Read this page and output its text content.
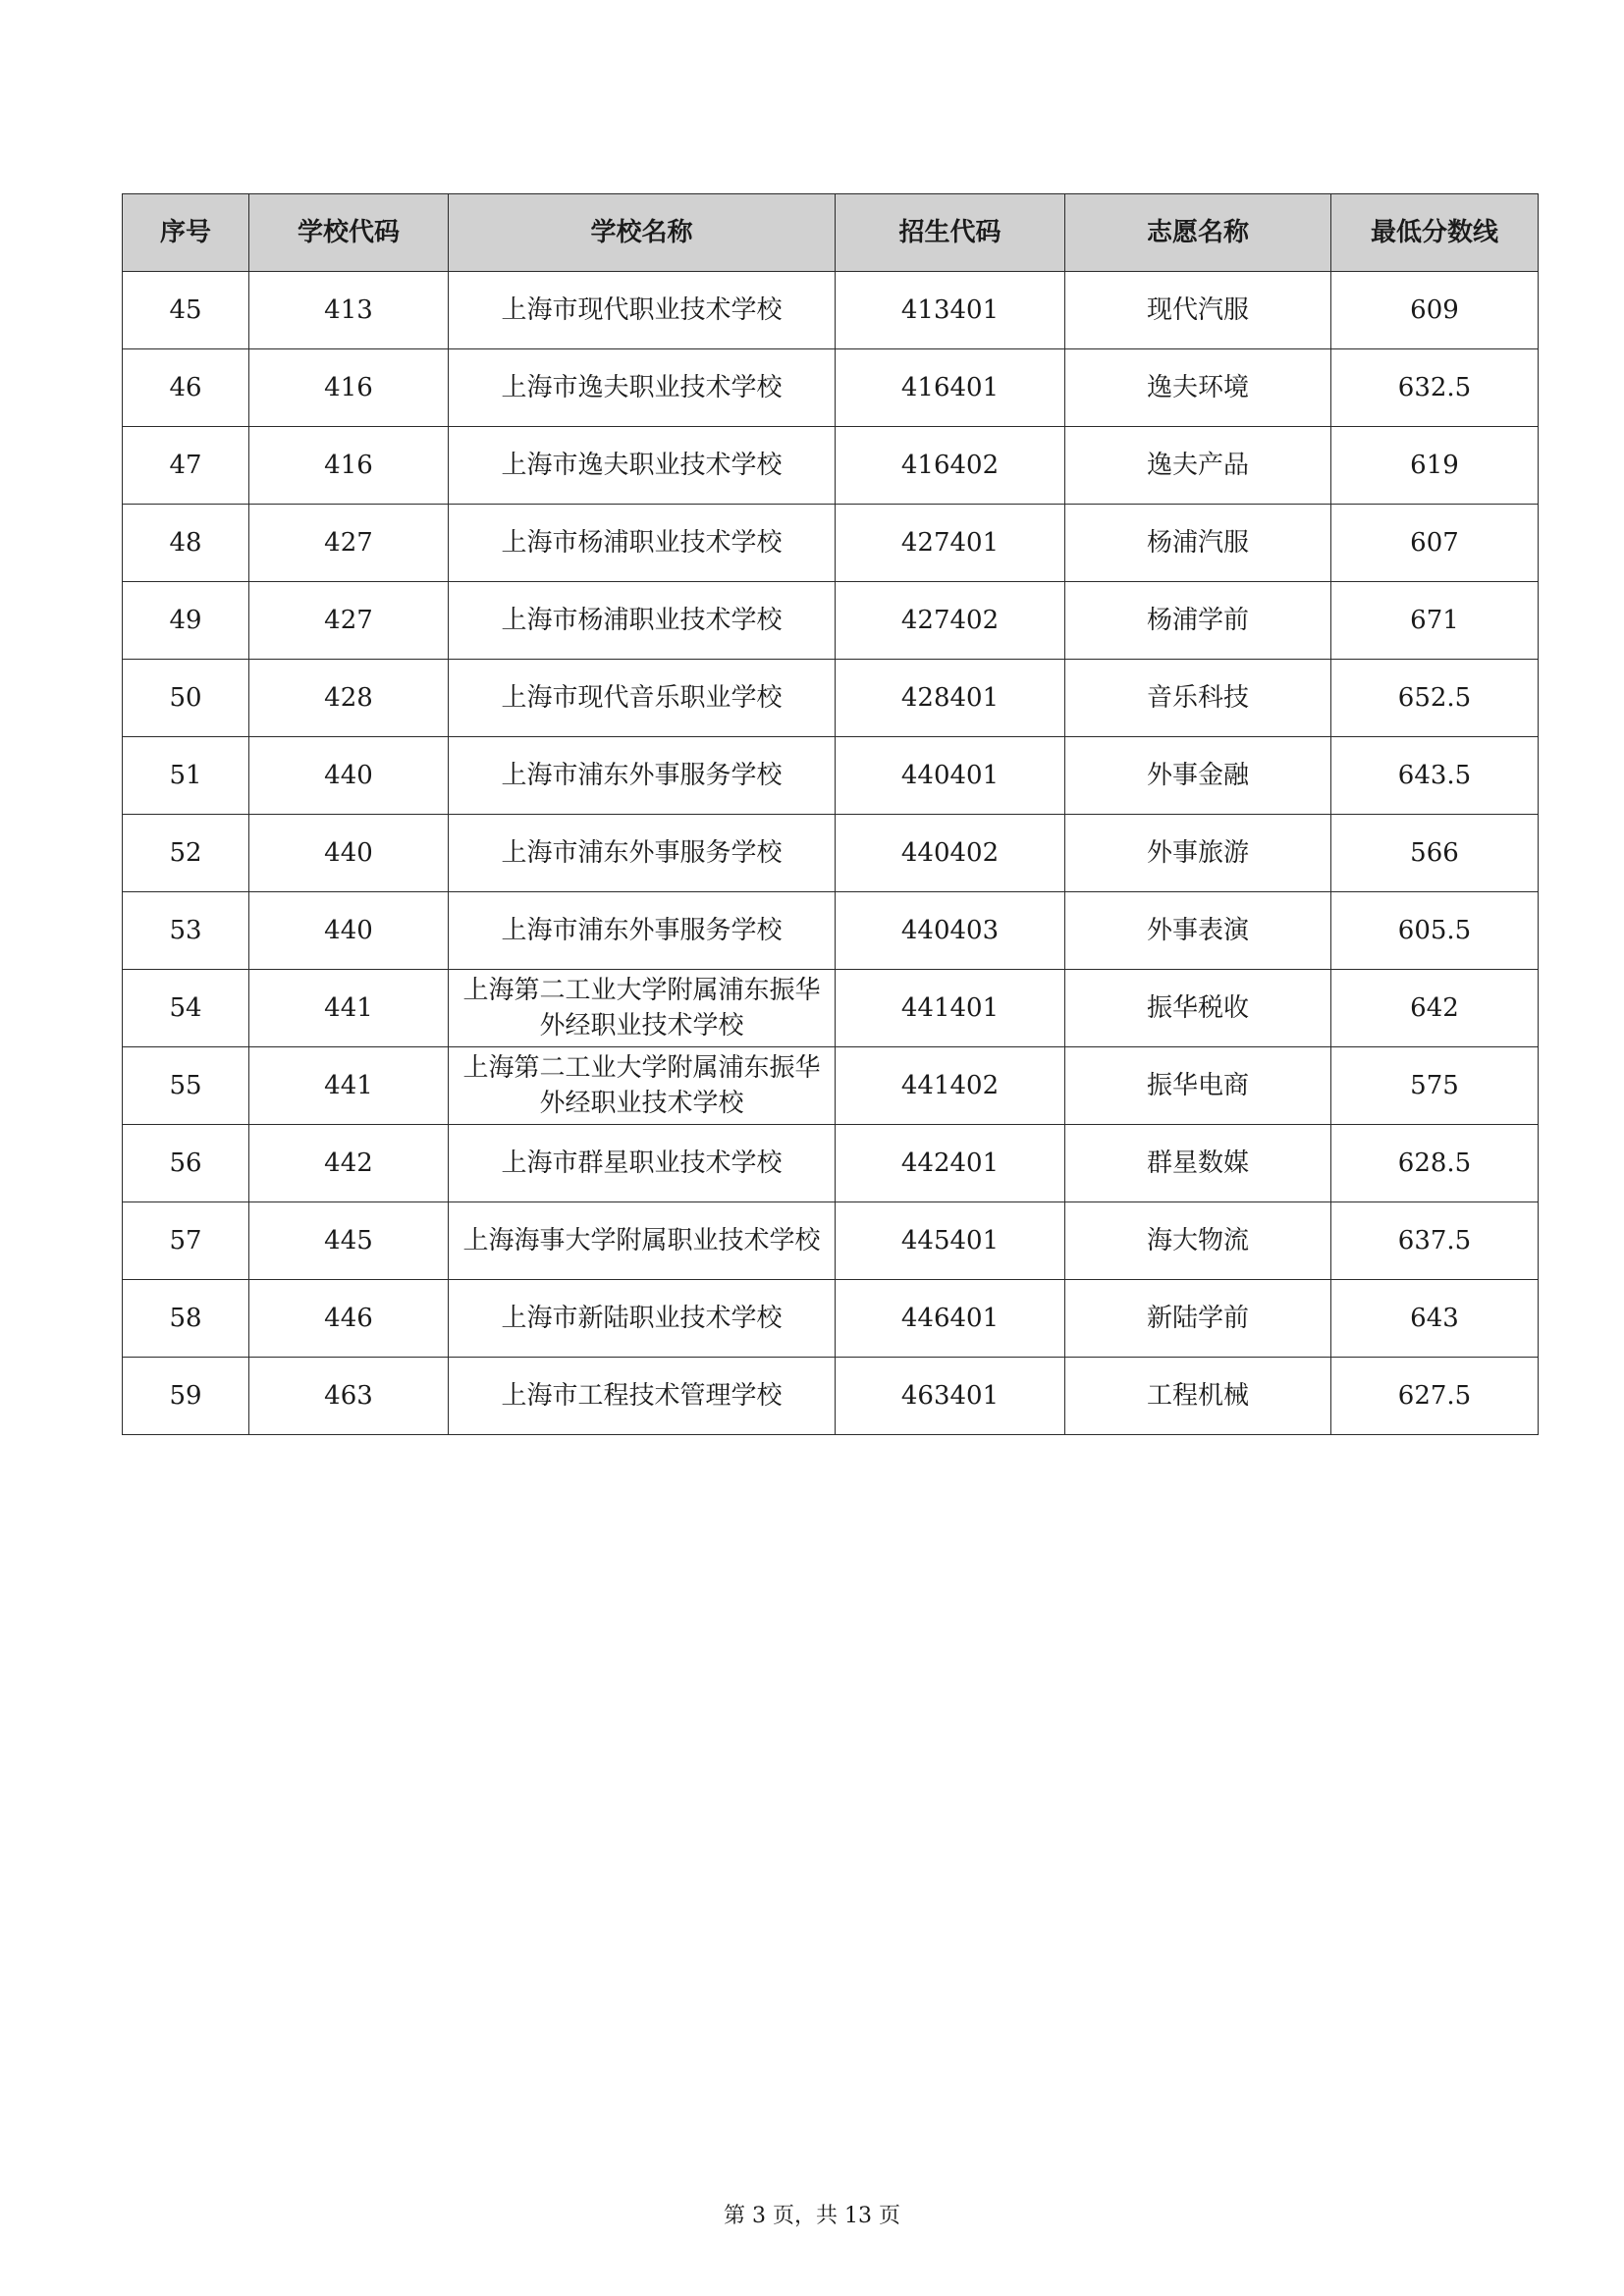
序号	学校代码	学校名称	招生代码	志愿名称	最低分数线
45	413	上海市现代职业技术学校	413401	现代汽服	609
46	416	上海市逸夫职业技术学校	416401	逸夫环境	632.5
47	416	上海市逸夫职业技术学校	416402	逸夫产品	619
48	427	上海市杨浦职业技术学校	427401	杨浦汽服	607
49	427	上海市杨浦职业技术学校	427402	杨浦学前	671
50	428	上海市现代音乐职业学校	428401	音乐科技	652.5
51	440	上海市浦东外事服务学校	440401	外事金融	643.5
52	440	上海市浦东外事服务学校	440402	外事旅游	566
53	440	上海市浦东外事服务学校	440403	外事表演	605.5
54	441	上海第二工业大学附属浦东振华外经职业技术学校	441401	振华税收	642
55	441	上海第二工业大学附属浦东振华外经职业技术学校	441402	振华电商	575
56	442	上海市群星职业技术学校	442401	群星数媒	628.5
57	445	上海海事大学附属职业技术学校	445401	海大物流	637.5
58	446	上海市新陆职业技术学校	446401	新陆学前	643
59	463	上海市工程技术管理学校	463401	工程机械	627.5
第 3 页，共 13 页
